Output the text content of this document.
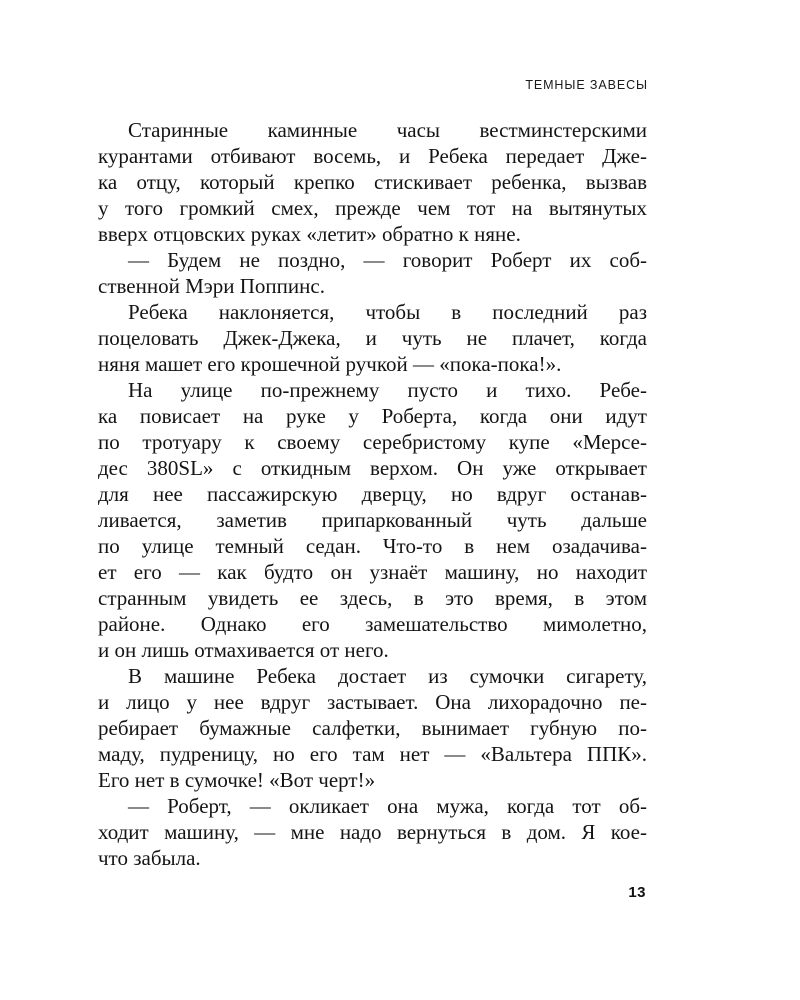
ТЕМНЫЕ ЗАВЕСЫ

Старинные каминные часы вестминстерскими
курантами отбивают восемь, и Ребека передает Дже-
ка отцу, который крепко стискивает ребенка, вызвав
у того громкий смех, прежде чем тот на вытянутых
вверх отцовских руках «летит» обратно к няне.

— Будем не поздно, — говорит Роберт их соб-
ственной Мэри Поппинс.

Ребека наклоняется, чтобы в последний раз
поцеловать Джек-Джека, и чуть не плачет, когда
няня машет его крошечной ручкой — «пока-пока!».

На улице по-прежнему пусто и тихо. Ребе-
ка повисает на руке у Роберта, когда они идут
по тротуару к своему серебристому купе «Мерсе-
дес 380SL» с откидным верхом. Он уже открывает
для нее пассажирскую дверцу, но вдруг останав-
ливается, заметив припаркованный чуть дальше
по улице темный седан. Что-то в нем озадачива-
ет его — как будто он узнаёт машину, но находит
странным увидеть ее здесь, в это время, в этом
районе. Однако его замешательство мимолетно,
и он лишь отмахивается от него.

В машине Ребека достает из сумочки сигарету,
и лицо у нее вдруг застывает. Она лихорадочно пе-
ребирает бумажные салфетки, вынимает губную по-
маду, пудреницу, но его там нет — «Вальтера ППК».
Его нет в сумочке! «Вот черт!»

— Роберт, — окликает она мужа, когда тот об-
ходит машину, — мне надо вернуться в дом. Я кое-
что забыла.

13
